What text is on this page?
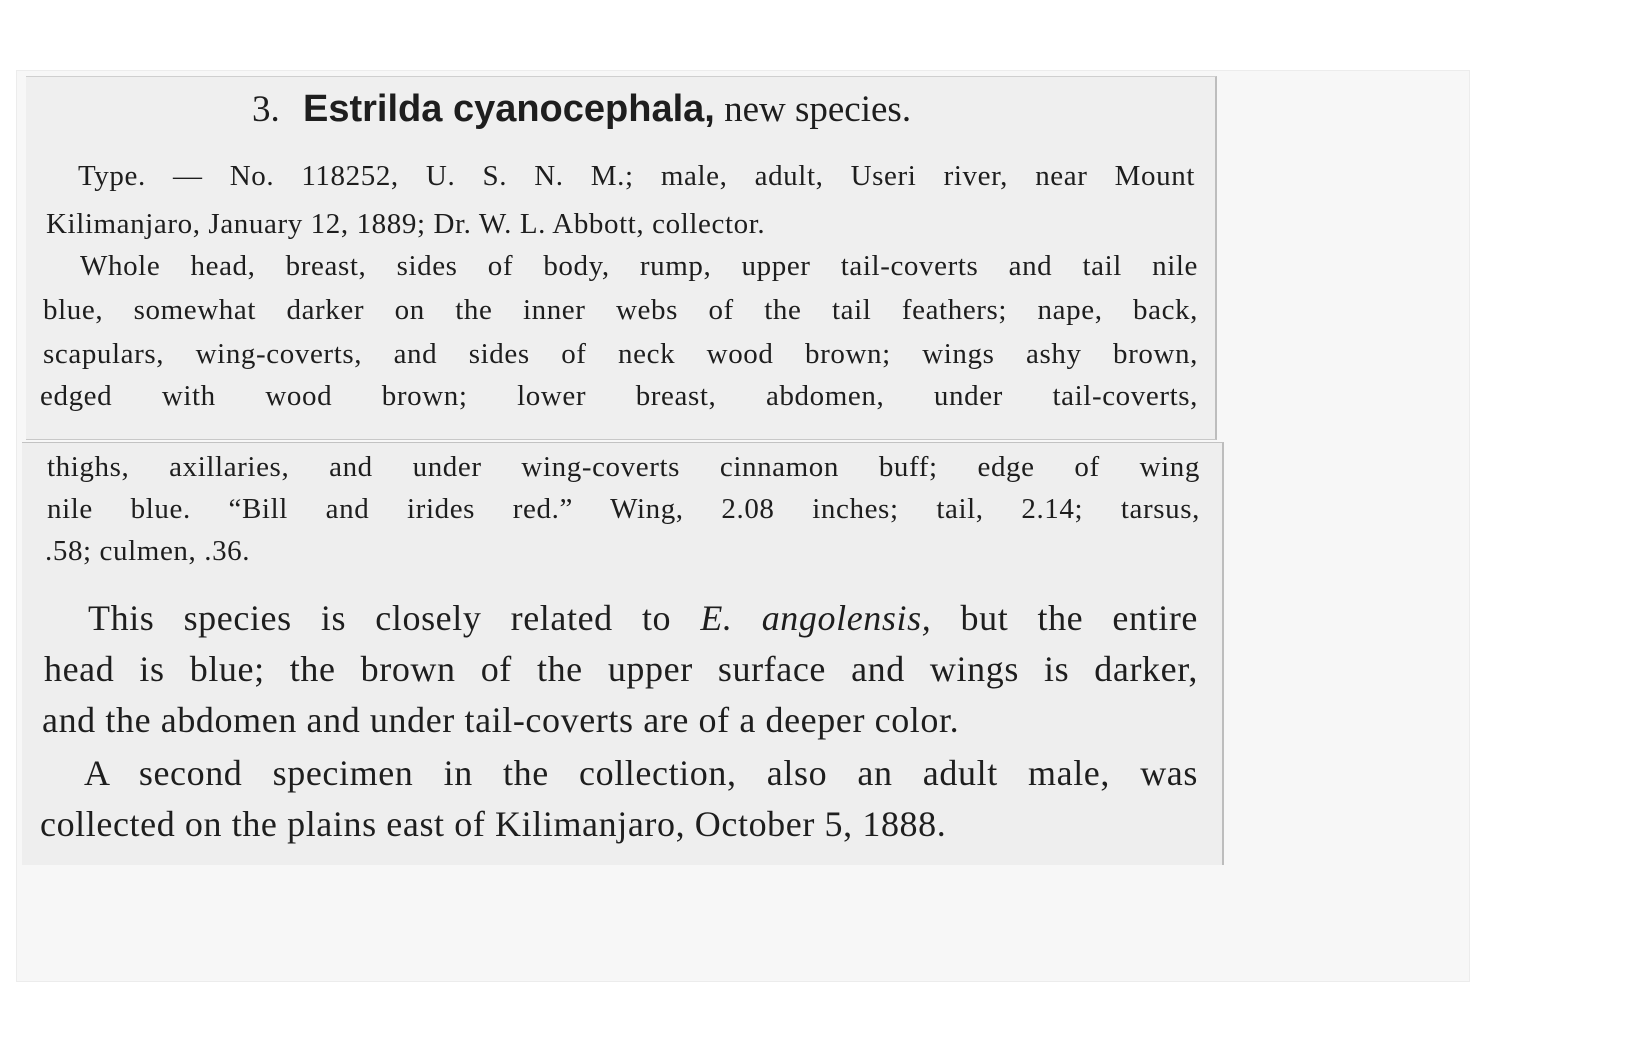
3. Estrilda cyanocephala, new species.
Type. — No. 118252, U. S. N. M.; male, adult, Useri river, near Mount
Kilimanjaro, January 12, 1889; Dr. W. L. Abbott, collector.
Whole head, breast, sides of body, rump, upper tail-coverts and tail nile
blue, somewhat darker on the inner webs of the tail feathers; nape, back,
scapulars, wing-coverts, and sides of neck wood brown; wings ashy brown,
edged with wood brown; lower breast, abdomen, under tail-coverts,
thighs, axillaries, and under wing-coverts cinnamon buff; edge of wing
nile blue. “Bill and irides red.” Wing, 2.08 inches; tail, 2.14; tarsus,
.58; culmen, .36.
This species is closely related to E. angolensis, but the entire
head is blue; the brown of the upper surface and wings is darker,
and the abdomen and under tail-coverts are of a deeper color.
A second specimen in the collection, also an adult male, was
collected on the plains east of Kilimanjaro, October 5, 1888.
